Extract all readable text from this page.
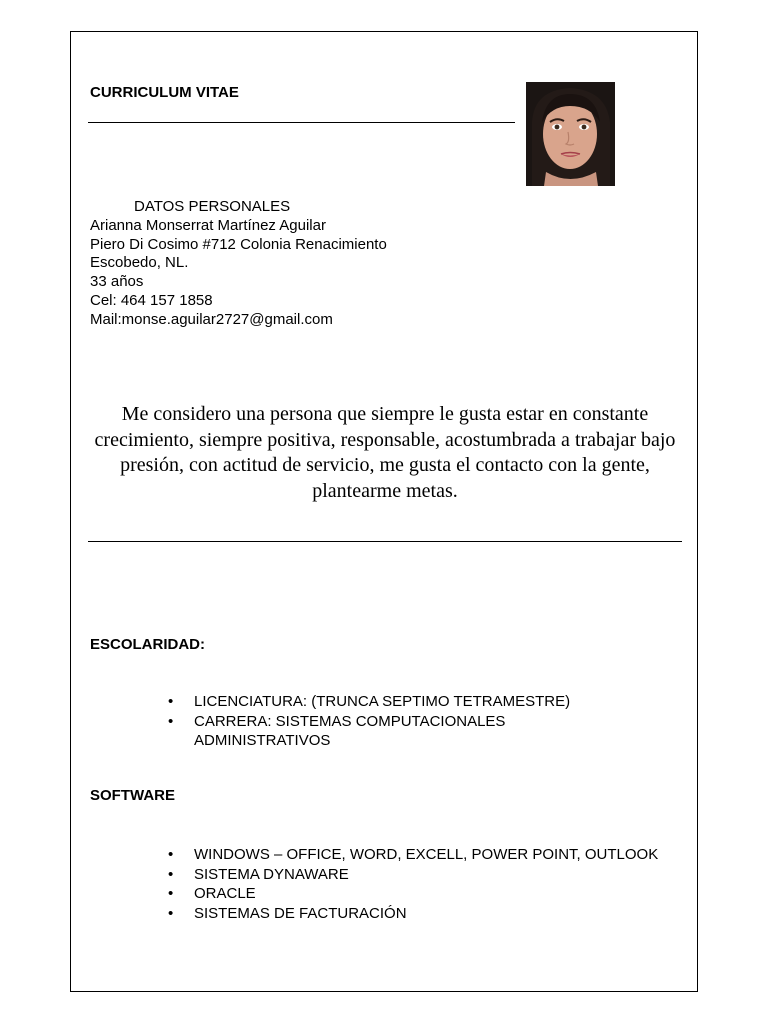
CURRICULUM VITAE
DATOS PERSONALES
Arianna Monserrat Martínez Aguilar
Piero Di Cosimo #712 Colonia Renacimiento
Escobedo, NL.
33 años
Cel: 464 157 1858
Mail:monse.aguilar2727@gmail.com
Me considero una persona que siempre le gusta estar en constante crecimiento, siempre positiva, responsable, acostumbrada a trabajar bajo presión, con actitud de servicio, me gusta el contacto con la gente, plantearme metas.
ESCOLARIDAD:
• LICENCIATURA: (TRUNCA SEPTIMO TETRAMESTRE)
• CARRERA: SISTEMAS COMPUTACIONALES ADMINISTRATIVOS
SOFTWARE
• WINDOWS – OFFICE, WORD, EXCELL, POWER POINT, OUTLOOK
• SISTEMA DYNAWARE
• ORACLE
• SISTEMAS DE FACTURACIÓN
